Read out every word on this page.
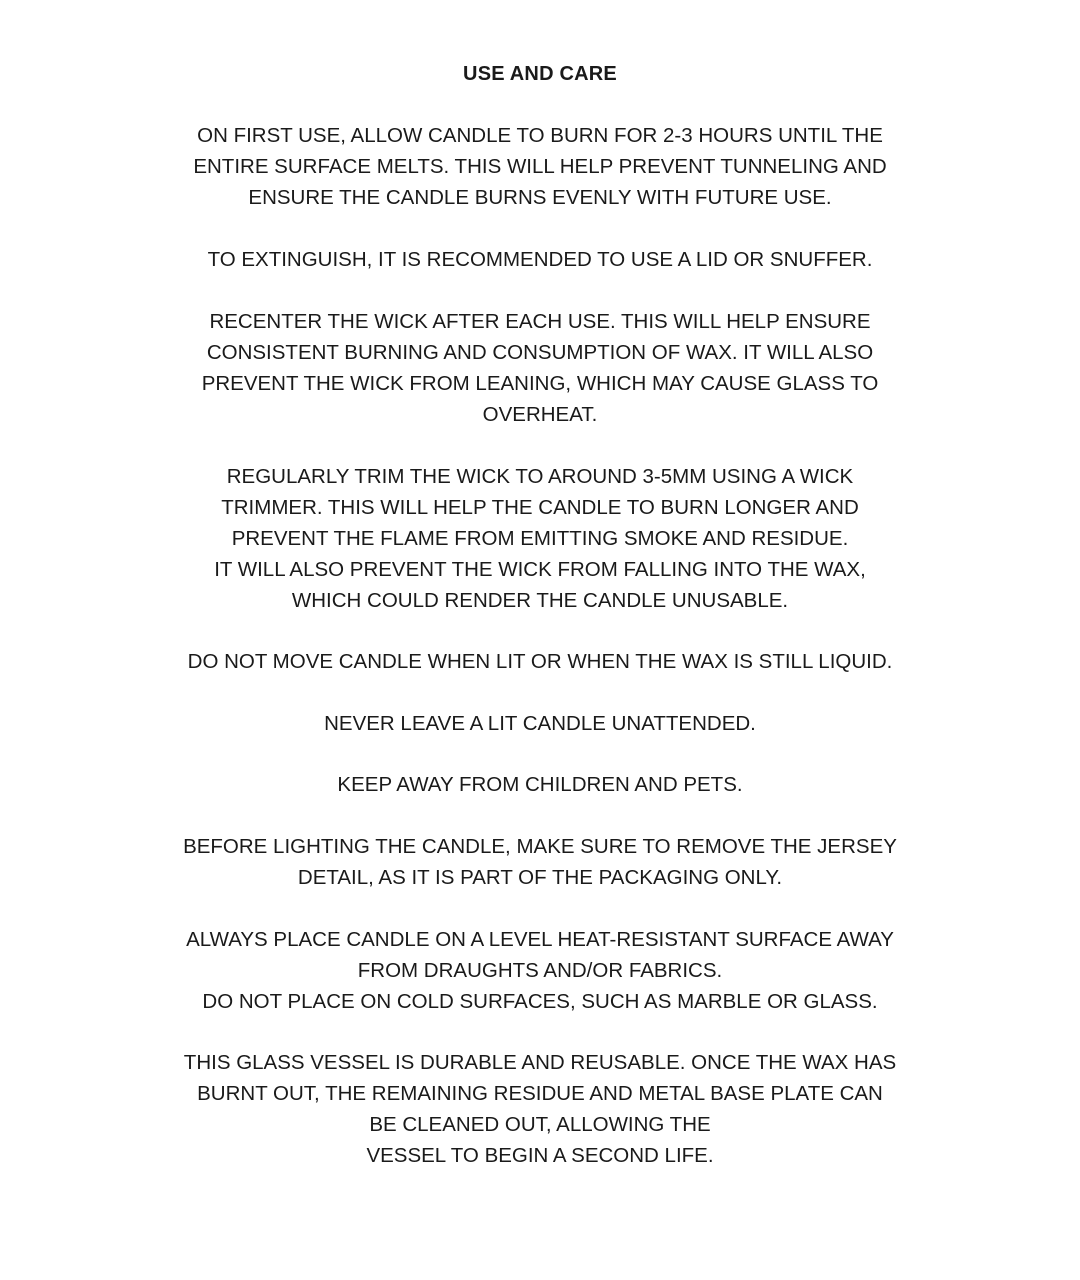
USE AND CARE

ON FIRST USE, ALLOW CANDLE TO BURN FOR 2-3 HOURS UNTIL THE
ENTIRE SURFACE MELTS. THIS WILL HELP PREVENT TUNNELING AND
ENSURE THE CANDLE BURNS EVENLY WITH FUTURE USE.

TO EXTINGUISH, IT IS RECOMMENDED TO USE A LID OR SNUFFER.

RECENTER THE WICK AFTER EACH USE. THIS WILL HELP ENSURE
CONSISTENT BURNING AND CONSUMPTION OF WAX. IT WILL ALSO
PREVENT THE WICK FROM LEANING, WHICH MAY CAUSE GLASS TO
OVERHEAT.

REGULARLY TRIM THE WICK TO AROUND 3-5MM USING A WICK
TRIMMER. THIS WILL HELP THE CANDLE TO BURN LONGER AND
PREVENT THE FLAME FROM EMITTING SMOKE AND RESIDUE.
IT WILL ALSO PREVENT THE WICK FROM FALLING INTO THE WAX,
WHICH COULD RENDER THE CANDLE UNUSABLE.

DO NOT MOVE CANDLE WHEN LIT OR WHEN THE WAX IS STILL LIQUID.

NEVER LEAVE A LIT CANDLE UNATTENDED.

KEEP AWAY FROM CHILDREN AND PETS.

BEFORE LIGHTING THE CANDLE, MAKE SURE TO REMOVE THE JERSEY
DETAIL, AS IT IS PART OF THE PACKAGING ONLY.

ALWAYS PLACE CANDLE ON A LEVEL HEAT-RESISTANT SURFACE AWAY
FROM DRAUGHTS AND/OR FABRICS.
DO NOT PLACE ON COLD SURFACES, SUCH AS MARBLE OR GLASS.

THIS GLASS VESSEL IS DURABLE AND REUSABLE. ONCE THE WAX HAS
BURNT OUT, THE REMAINING RESIDUE AND METAL BASE PLATE CAN
BE CLEANED OUT, ALLOWING THE
VESSEL TO BEGIN A SECOND LIFE.
